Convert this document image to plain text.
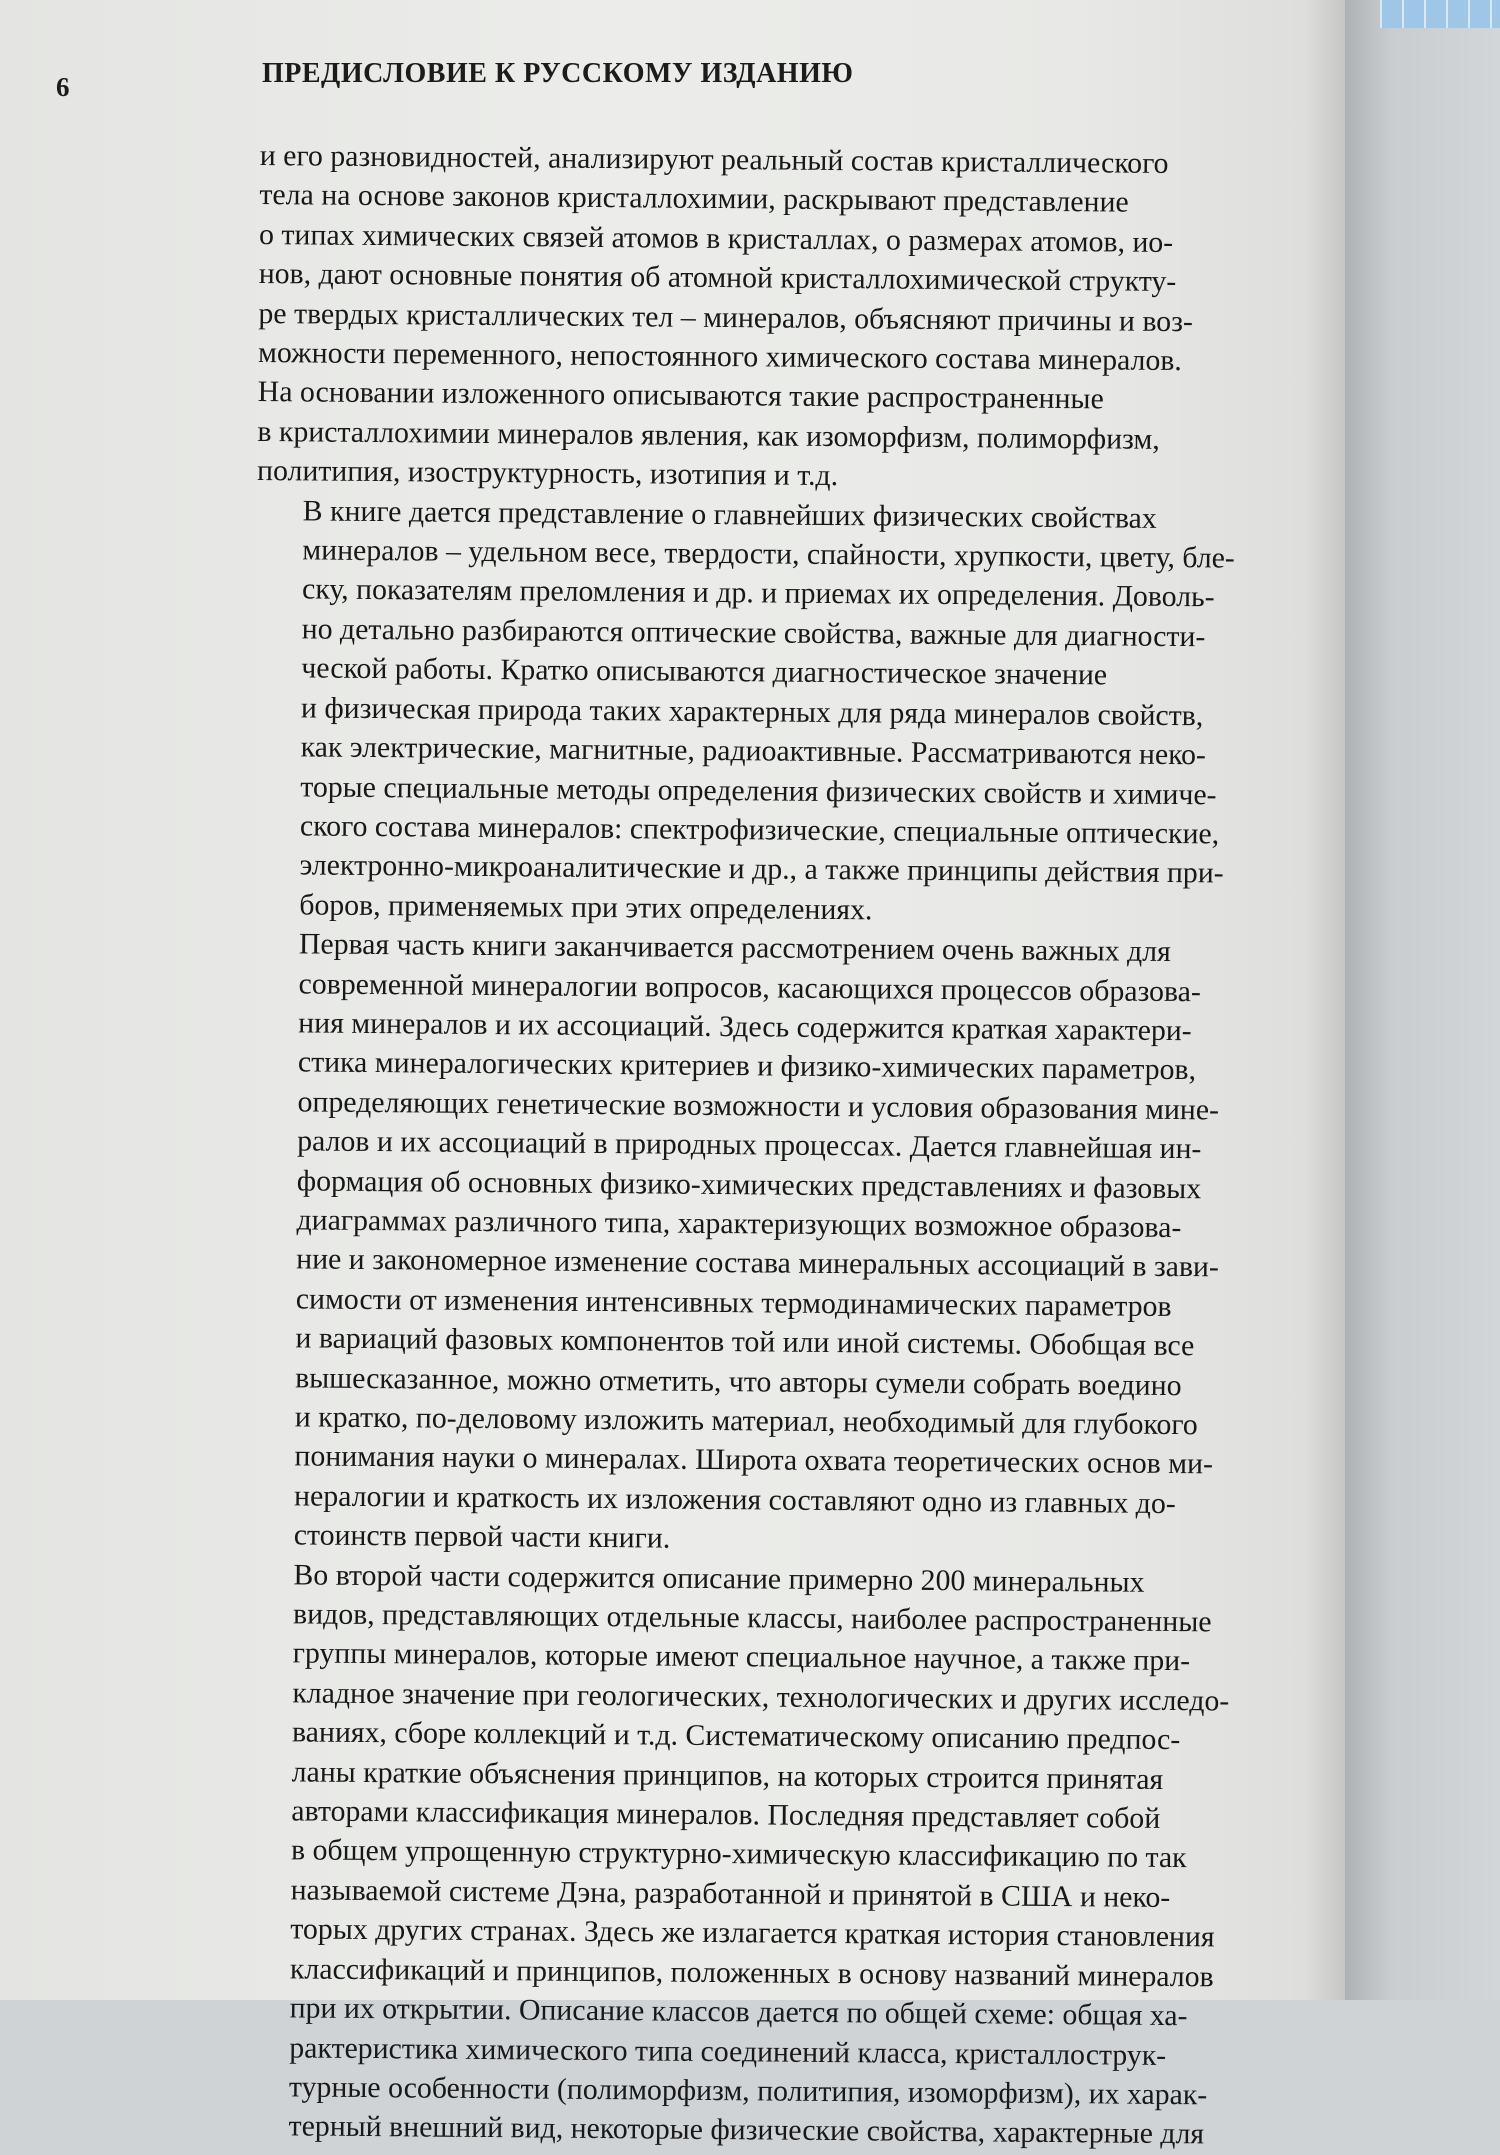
6	ПРЕДИСЛОВИЕ К РУССКОМУ ИЗДАНИЮ

и его разновидностей, анализируют реальный состав кристаллического
тела на основе законов кристаллохимии, раскрывают представление
о типах химических связей атомов в кристаллах, о размерах атомов, ио-
нов, дают основные понятия об атомной кристаллохимической структу-
ре твердых кристаллических тел – минералов, объясняют причины и воз-
можности переменного, непостоянного химического состава минералов.
На основании изложенного описываются такие распространенные
в кристаллохимии минералов явления, как изоморфизм, полиморфизм,
политипия, изоструктурность, изотипия и т.д.

В книге дается представление о главнейших физических свойствах
минералов – удельном весе, твердости, спайности, хрупкости, цвету, бле-
ску, показателям преломления и др. и приемах их определения. Доволь-
но детально разбираются оптические свойства, важные для диагности-
ческой работы. Кратко описываются диагностическое значение
и физическая природа таких характерных для ряда минералов свойств,
как электрические, магнитные, радиоактивные. Рассматриваются неко-
торые специальные методы определения физических свойств и химиче-
ского состава минералов: спектрофизические, специальные оптические,
электронно-микроаналитические и др., а также принципы действия при-
боров, применяемых при этих определениях.

Первая часть книги заканчивается рассмотрением очень важных для
современной минералогии вопросов, касающихся процессов образова-
ния минералов и их ассоциаций. Здесь содержится краткая характери-
стика минералогических критериев и физико-химических параметров,
определяющих генетические возможности и условия образования мине-
ралов и их ассоциаций в природных процессах. Дается главнейшая ин-
формация об основных физико-химических представлениях и фазовых
диаграммах различного типа, характеризующих возможное образова-
ние и закономерное изменение состава минеральных ассоциаций в зави-
симости от изменения интенсивных термодинамических параметров
и вариаций фазовых компонентов той или иной системы. Обобщая все
вышесказанное, можно отметить, что авторы сумели собрать воедино
и кратко, по-деловому изложить материал, необходимый для глубокого
понимания науки о минералах. Широта охвата теоретических основ ми-
нералогии и краткость их изложения составляют одно из главных до-
стоинств первой части книги.

Во второй части содержится описание примерно 200 минеральных
видов, представляющих отдельные классы, наиболее распространенные
группы минералов, которые имеют специальное научное, а также при-
кладное значение при геологических, технологических и других исследо-
ваниях, сборе коллекций и т.д. Систематическому описанию предпос-
ланы краткие объяснения принципов, на которых строится принятая
авторами классификация минералов. Последняя представляет собой
в общем упрощенную структурно-химическую классификацию по так
называемой системе Дэна, разработанной и принятой в США и неко-
торых других странах. Здесь же излагается краткая история становления
классификаций и принципов, положенных в основу названий минералов
при их открытии. Описание классов дается по общей схеме: общая ха-
рактеристика химического типа соединений класса, кристаллострук-
турные особенности (полиморфизм, политипия, изоморфизм), их харак-
терный внешний вид, некоторые физические свойства, характерные для
